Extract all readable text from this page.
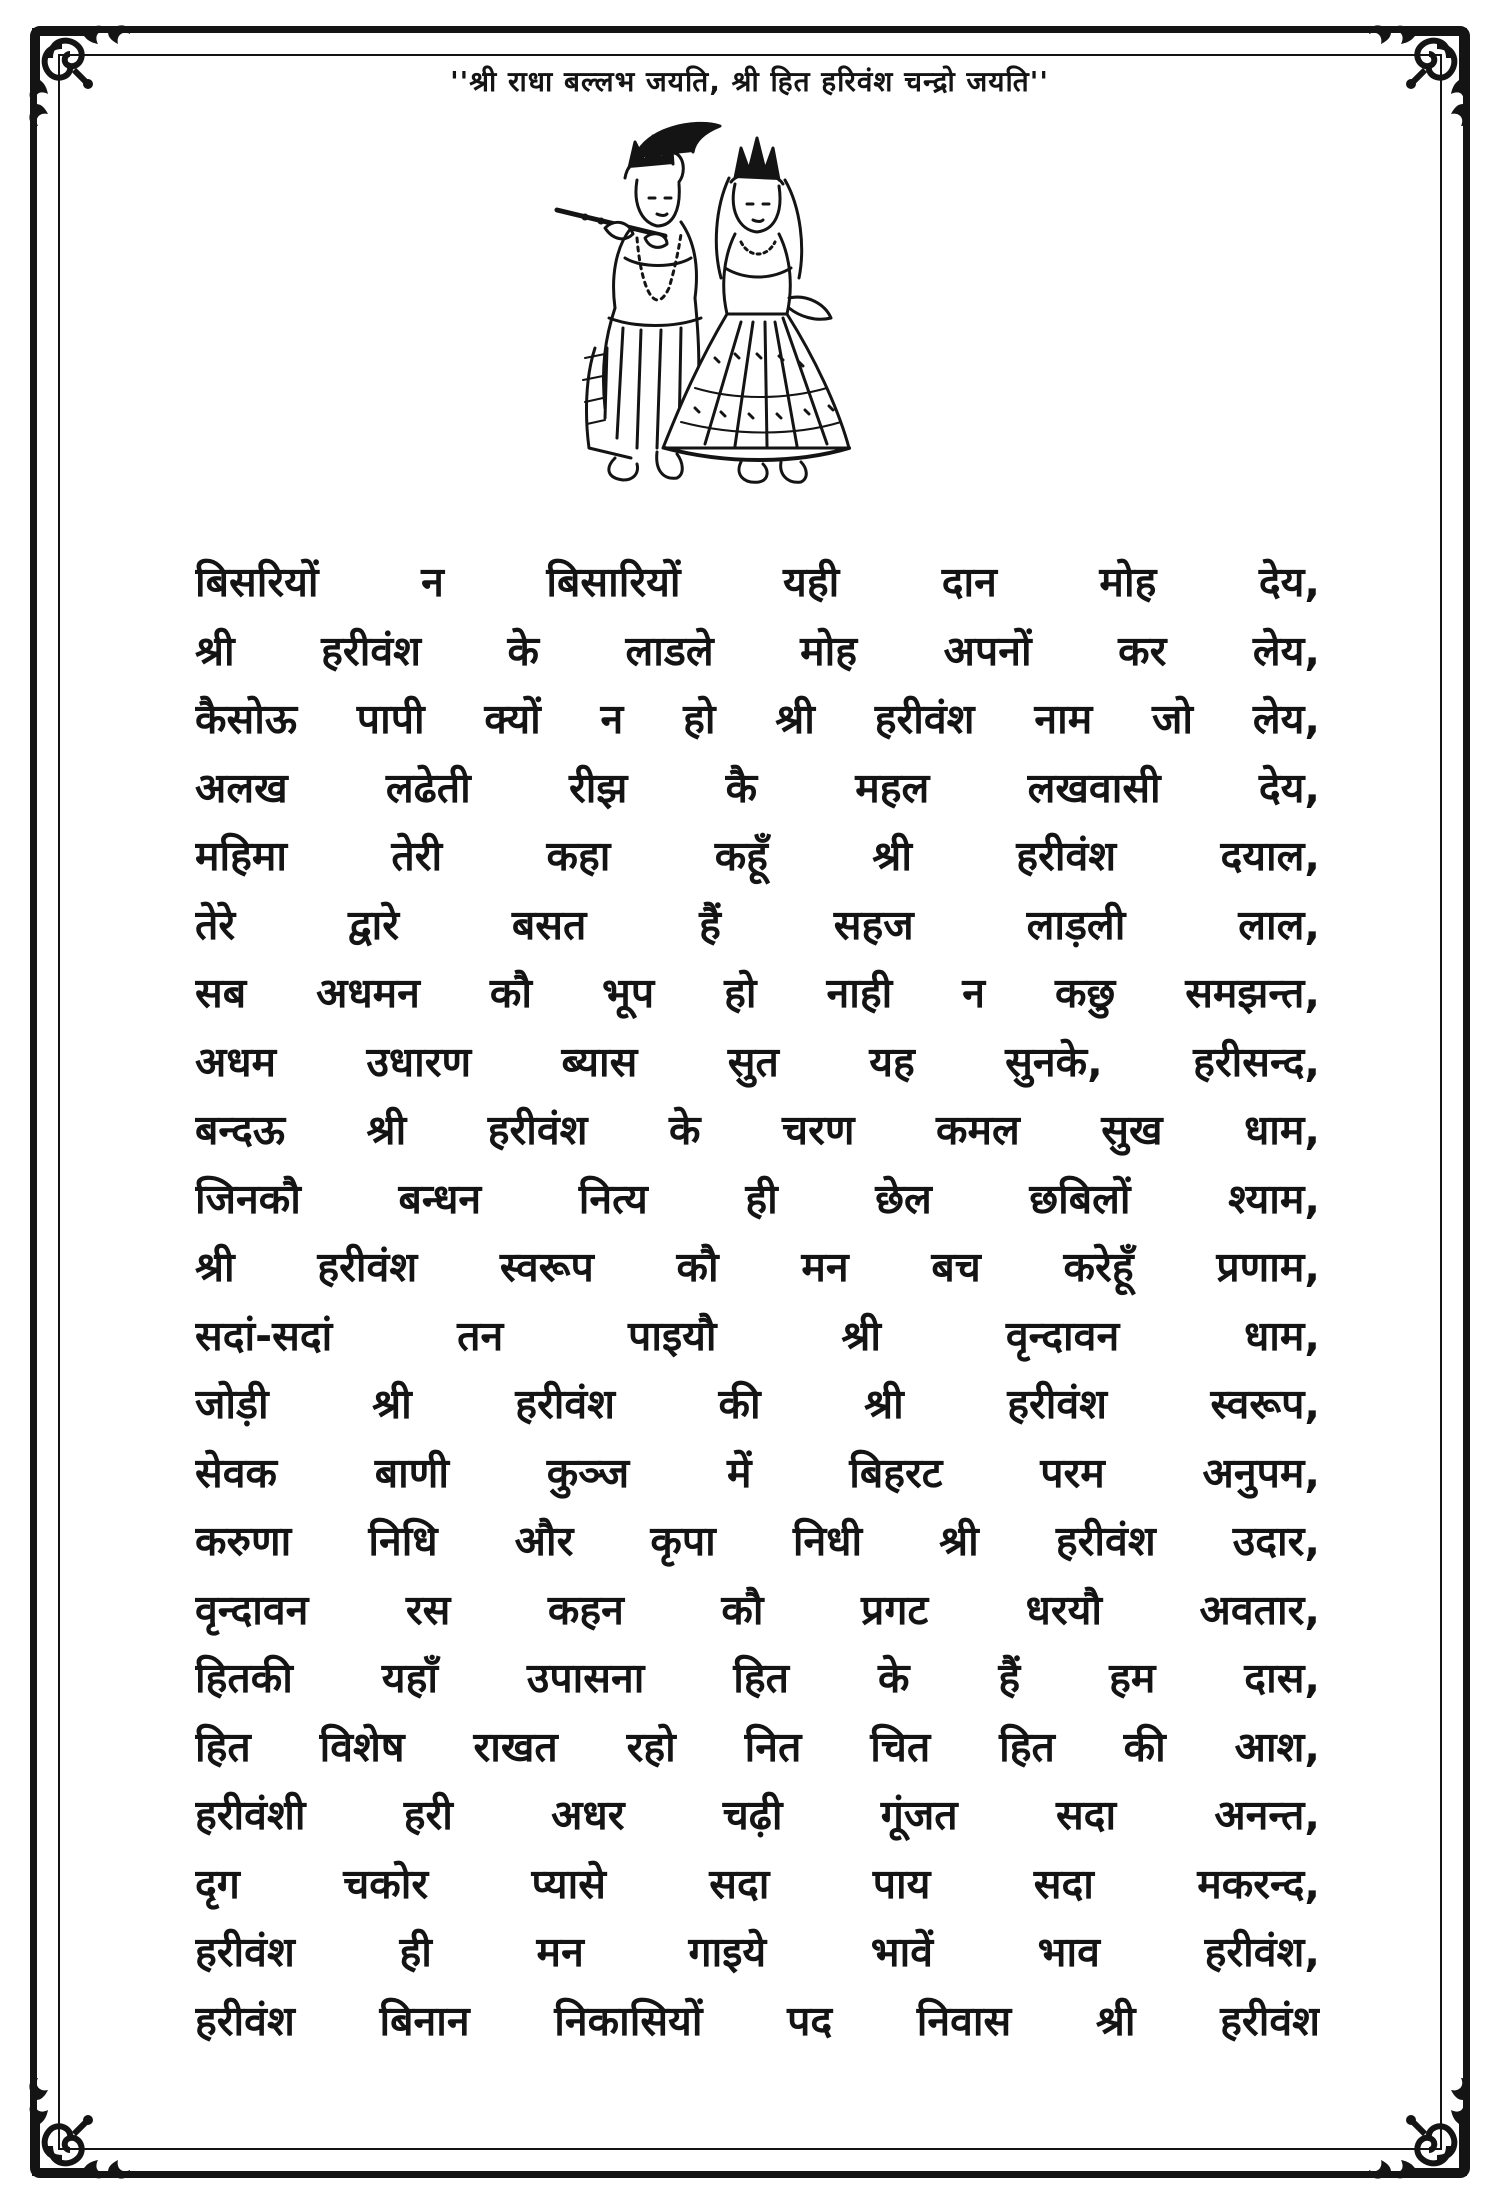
''श्री राधा बल्लभ जयति, श्री हित हरिवंश चन्द्रो जयति''
बिसरियों न बिसारियों यही दान मोह देय,
श्री हरीवंश के लाडले मोह अपनों कर लेय,
कैसोऊ पापी क्यों न हो श्री हरीवंश नाम जो लेय,
अलख लढेती रीझ कै महल लखवासी देय,
महिमा तेरी कहा कहूँ श्री हरीवंश दयाल,
तेरे द्वारे बसत हैं सहज लाड़ली लाल,
सब अधमन कौ भूप हो नाही न कछु समझन्त,
अधम उधारण ब्यास सुत यह सुनके, हरीसन्द,
बन्दऊ श्री हरीवंश के चरण कमल सुख धाम,
जिनकौ बन्धन नित्य ही छेल छबिलों श्याम,
श्री हरीवंश स्वरूप कौ मन बच करेहूँ प्रणाम,
सदां-सदां तन पाइयौ श्री वृन्दावन धाम,
जोड़ी श्री हरीवंश की श्री हरीवंश स्वरूप,
सेवक बाणी कुञ्ज में बिहरट परम अनुपम,
करुणा निधि और कृपा निधी श्री हरीवंश उदार,
वृन्दावन रस कहन कौ प्रगट धरयौ अवतार,
हितकी यहाँ उपासना हित के हैं हम दास,
हित विशेष राखत रहो नित चित हित की आश,
हरीवंशी हरी अधर चढ़ी गूंजत सदा अनन्त,
दृग चकोर प्यासे सदा पाय सदा मकरन्द,
हरीवंश ही मन गाइये भावें भाव हरीवंश,
हरीवंश बिनान निकासियों पद निवास श्री हरीवंश
